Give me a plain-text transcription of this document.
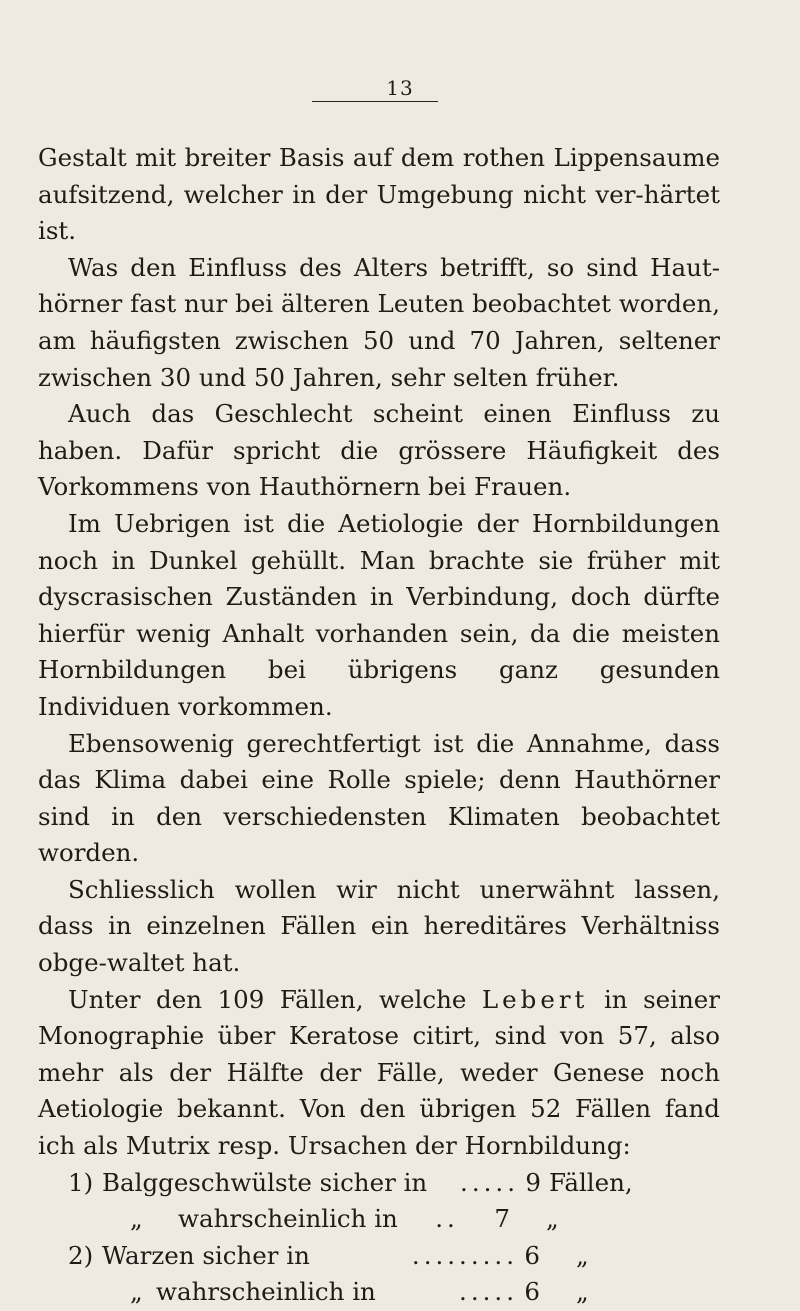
13

Gestalt mit breiter Basis auf dem rothen Lippensaume aufsitzend, welcher in der Umgebung nicht ver-härtet ist.

Was den Einfluss des Alters betrifft, so sind Haut-hörner fast nur bei älteren Leuten beobachtet worden, am häufigsten zwischen 50 und 70 Jahren, seltener zwischen 30 und 50 Jahren, sehr selten früher.

Auch das Geschlecht scheint einen Einfluss zu haben. Dafür spricht die grössere Häufigkeit des Vorkommens von Hauthörnern bei Frauen.

Im Uebrigen ist die Aetiologie der Hornbildungen noch in Dunkel gehüllt. Man brachte sie früher mit dyscrasischen Zuständen in Verbindung, doch dürfte hierfür wenig Anhalt vorhanden sein, da die meisten Hornbildungen bei übrigens ganz gesunden Individuen vorkommen.

Ebensowenig gerechtfertigt ist die Annahme, dass das Klima dabei eine Rolle spiele; denn Hauthörner sind in den verschiedensten Klimaten beobachtet worden.

Schliesslich wollen wir nicht unerwähnt lassen, dass in einzelnen Fällen ein hereditäres Verhältniss obge-waltet hat.

Unter den 109 Fällen, welche Lebert in seiner Monographie über Keratose citirt, sind von 57, also mehr als der Hälfte der Fälle, weder Genese noch Aetiologie bekannt. Von den übrigen 52 Fällen fand ich als Mutrix resp. Ursachen der Hornbildung:

1) Balggeschwülste sicher in	..... 9 Fällen,
„	wahrscheinlich in	..	7	„
2) Warzen sicher in	......... 6	„
„ wahrscheinlich in	..... 6	„
